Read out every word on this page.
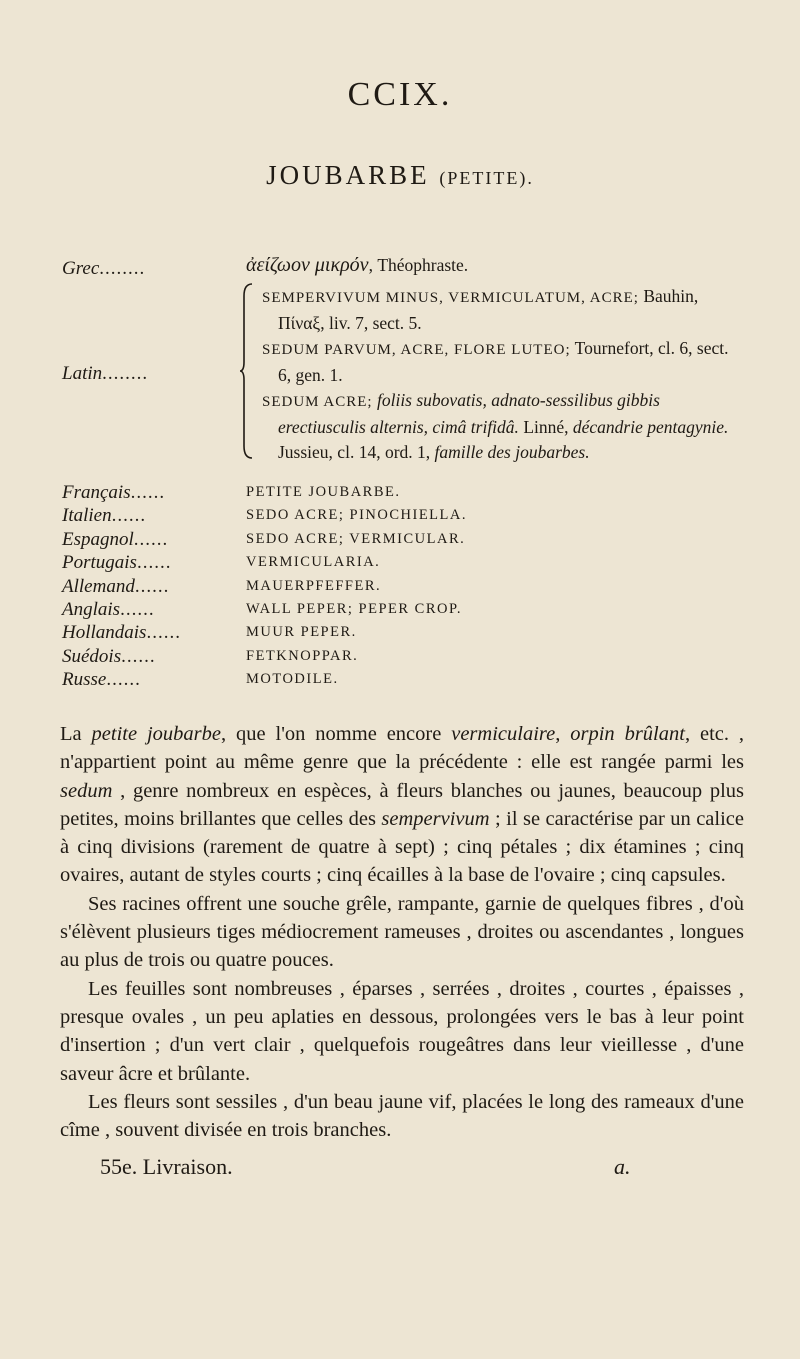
CCIX.
JOUBARBE (PETITE).
Grec........	ἀείζωον μικρόν, Théophraste.
Latin........

SEMPERVIVUM MINUS, VERMICULATUM, ACRE; Bauhin, Πίναξ, liv. 7, sect. 5.

SEDUM PARVUM, ACRE, FLORE LUTEO; Tournefort, cl. 6, sect. 6, gen. 1.

SEDUM ACRE; foliis subovatis, adnato-sessilibus gibbis erectiusculis alternis, cimâ trifidâ. Linné, décandrie pentagynie. Jussieu, cl. 14, ord. 1, famille des joubarbes.

Français......	PETITE JOUBARBE.
Italien......	SEDO ACRE; PINOCHIELLA.
Espagnol......	SEDO ACRE; VERMICULAR.
Portugais......	VERMICULARIA.
Allemand......	MAUERPFEFFER.
Anglais......	WALL PEPER; PEPER CROP.
Hollandais......	MUUR PEPER.
Suédois......	FETKNOPPAR.
Russe......	MOTODILE.

La petite joubarbe, que l'on nomme encore vermiculaire, orpin brûlant, etc. , n'appartient point au même genre que la précédente : elle est rangée parmi les sedum , genre nombreux en espèces, à fleurs blanches ou jaunes, beaucoup plus petites, moins brillantes que celles des sempervivum ; il se caractérise par un calice à cinq divisions (rarement de quatre à sept) ; cinq pétales ; dix étamines ; cinq ovaires, autant de styles courts ; cinq écailles à la base de l'ovaire ; cinq capsules.

Ses racines offrent une souche grêle, rampante, garnie de quelques fibres , d'où s'élèvent plusieurs tiges médiocrement rameuses , droites ou ascendantes , longues au plus de trois ou quatre pouces.

Les feuilles sont nombreuses , éparses , serrées , droites , courtes , épaisses , presque ovales , un peu aplaties en dessous, prolongées vers le bas à leur point d'insertion ; d'un vert clair , quelquefois rougeâtres dans leur vieillesse , d'une saveur âcre et brûlante.

Les fleurs sont sessiles , d'un beau jaune vif, placées le long des rameaux d'une cîme , souvent divisée en trois branches.

55e. Livraison.	a.
